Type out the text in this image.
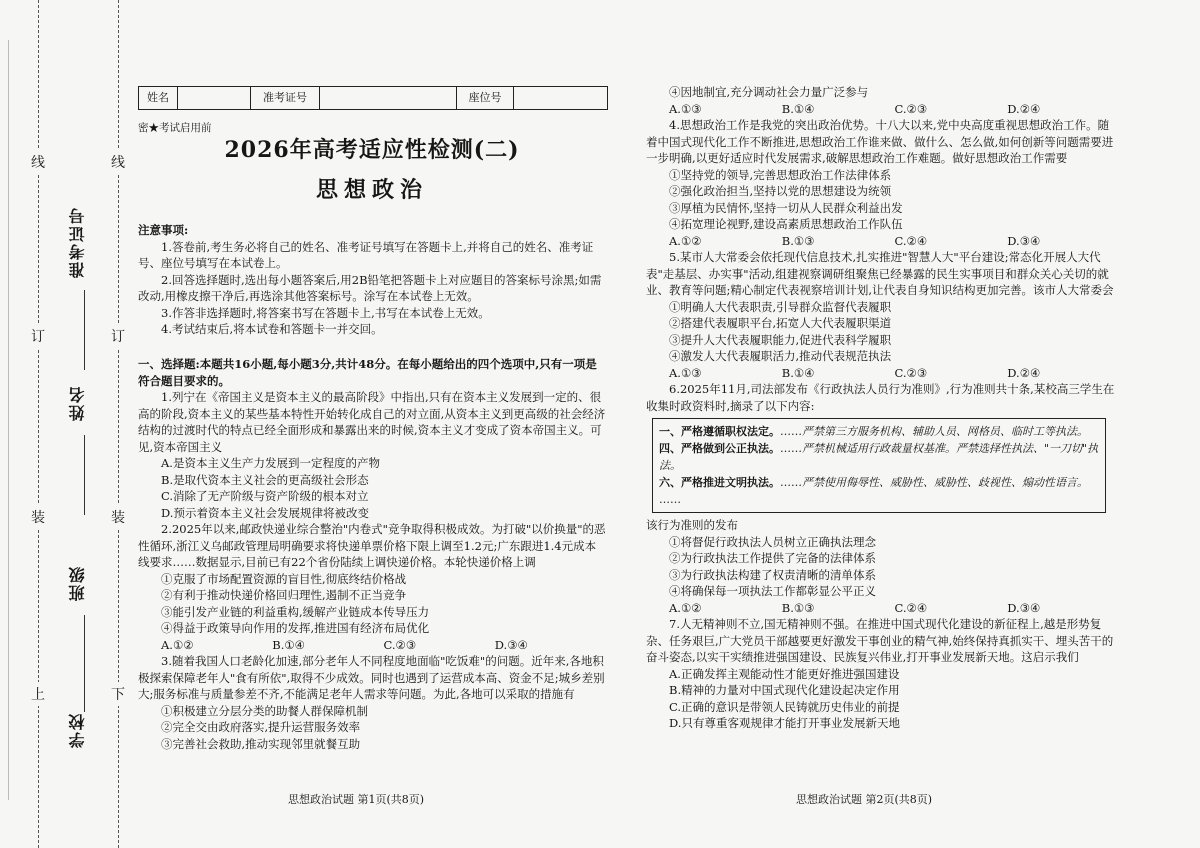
线
订
装
上
线
订
装
下
准考证号
姓名
班级
学校
姓名	准考证号	座位号
密★考试启用前
2026年高考适应性检测(二)
思想政治

注意事项:

1.答卷前,考生务必将自己的姓名、准考证号填写在答题卡上,并将自己的姓名、准考证号、座位号填写在本试卷上。

2.回答选择题时,选出每小题答案后,用2B铅笔把答题卡上对应题目的答案标号涂黑;如需改动,用橡皮擦干净后,再选涂其他答案标号。涂写在本试卷上无效。

3.作答非选择题时,将答案书写在答题卡上,书写在本试卷上无效。

4.考试结束后,将本试卷和答题卡一并交回。

一、选择题:本题共16小题,每小题3分,共计48分。在每小题给出的四个选项中,只有一项是符合题目要求的。

1.列宁在《帝国主义是资本主义的最高阶段》中指出,只有在资本主义发展到一定的、很高的阶段,资本主义的某些基本特性开始转化成自己的对立面,从资本主义到更高级的社会经济结构的过渡时代的特点已经全面形成和暴露出来的时候,资本主义才变成了资本帝国主义。可见,资本帝国主义

A.是资本主义生产力发展到一定程度的产物

B.是取代资本主义社会的更高级社会形态

C.消除了无产阶级与资产阶级的根本对立

D.预示着资本主义社会发展规律将被改变

2.2025年以来,邮政快递业综合整治"内卷式"竞争取得积极成效。为打破"以价换量"的恶性循环,浙江义乌邮政管理局明确要求将快递单票价格下限上调至1.2元;广东跟进1.4元成本线要求……数据显示,目前已有22个省份陆续上调快递价格。本轮快递价格上调

①克服了市场配置资源的盲目性,彻底终结价格战

②有利于推动快递价格回归理性,遏制不正当竞争

③能引发产业链的利益重构,缓解产业链成本传导压力

④得益于政策导向作用的发挥,推进国有经济布局优化

A.①②	B.①④	C.②③	D.③④

3.随着我国人口老龄化加速,部分老年人不同程度地面临"吃饭难"的问题。近年来,各地积极探索保障老年人"食有所依",取得不少成效。同时也遇到了运营成本高、资金不足;城乡差别大;服务标准与质量参差不齐,不能满足老年人需求等问题。为此,各地可以采取的措施有

①积极建立分层分类的助餐人群保障机制

②完全交由政府落实,提升运营服务效率

③完善社会救助,推动实现邻里就餐互助

思想政治试题 第1页(共8页)

④因地制宜,充分调动社会力量广泛参与

A.①③	B.①④	C.②③	D.②④

4.思想政治工作是我党的突出政治优势。十八大以来,党中央高度重视思想政治工作。随着中国式现代化工作不断推进,思想政治工作谁来做、做什么、怎么做,如何创新等问题需要进一步明确,以更好适应时代发展需求,破解思想政治工作难题。做好思想政治工作需要

①坚持党的领导,完善思想政治工作法律体系

②强化政治担当,坚持以党的思想建设为统领

③厚植为民情怀,坚持一切从人民群众利益出发

④拓宽理论视野,建设高素质思想政治工作队伍

A.①②	B.①③	C.②④	D.③④

5.某市人大常委会依托现代信息技术,扎实推进"智慧人大"平台建设;常态化开展人大代表"走基层、办实事"活动,组建视察调研组聚焦已经暴露的民生实事项目和群众关心关切的就业、教育等问题;精心制定代表视察培训计划,让代表自身知识结构更加完善。该市人大常委会

①明确人大代表职责,引导群众监督代表履职

②搭建代表履职平台,拓宽人大代表履职渠道

③提升人大代表履职能力,促进代表科学履职

④激发人大代表履职活力,推动代表规范执法

A.①③	B.①④	C.②③	D.②④

6.2025年11月,司法部发布《行政执法人员行为准则》,行为准则共十条,某校高三学生在收集时政资料时,摘录了以下内容:

一、严格遵循职权法定。……严禁第三方服务机构、辅助人员、网格员、临时工等执法。
四、严格做到公正执法。……严禁机械适用行政裁量权基准。严禁选择性执法、"一刀切"执法。
六、严格推进文明执法。……严禁使用侮辱性、威胁性、威胁性、歧视性、煽动性语言。
……

该行为准则的发布

①将督促行政执法人员树立正确执法理念

②为行政执法工作提供了完备的法律体系

③为行政执法构建了权责清晰的清单体系

④将确保每一项执法工作都彰显公平正义

A.①②	B.①③	C.②④	D.③④

7.人无精神则不立,国无精神则不强。在推进中国式现代化建设的新征程上,越是形势复杂、任务艰巨,广大党员干部越要更好激发干事创业的精气神,始终保持真抓实干、埋头苦干的奋斗姿态,以实干实绩推进强国建设、民族复兴伟业,打开事业发展新天地。这启示我们

A.正确发挥主观能动性才能更好推进强国建设

B.精神的力量对中国式现代化建设起决定作用

C.正确的意识是带领人民铸就历史伟业的前提

D.只有尊重客观规律才能打开事业发展新天地

思想政治试题 第2页(共8页)
